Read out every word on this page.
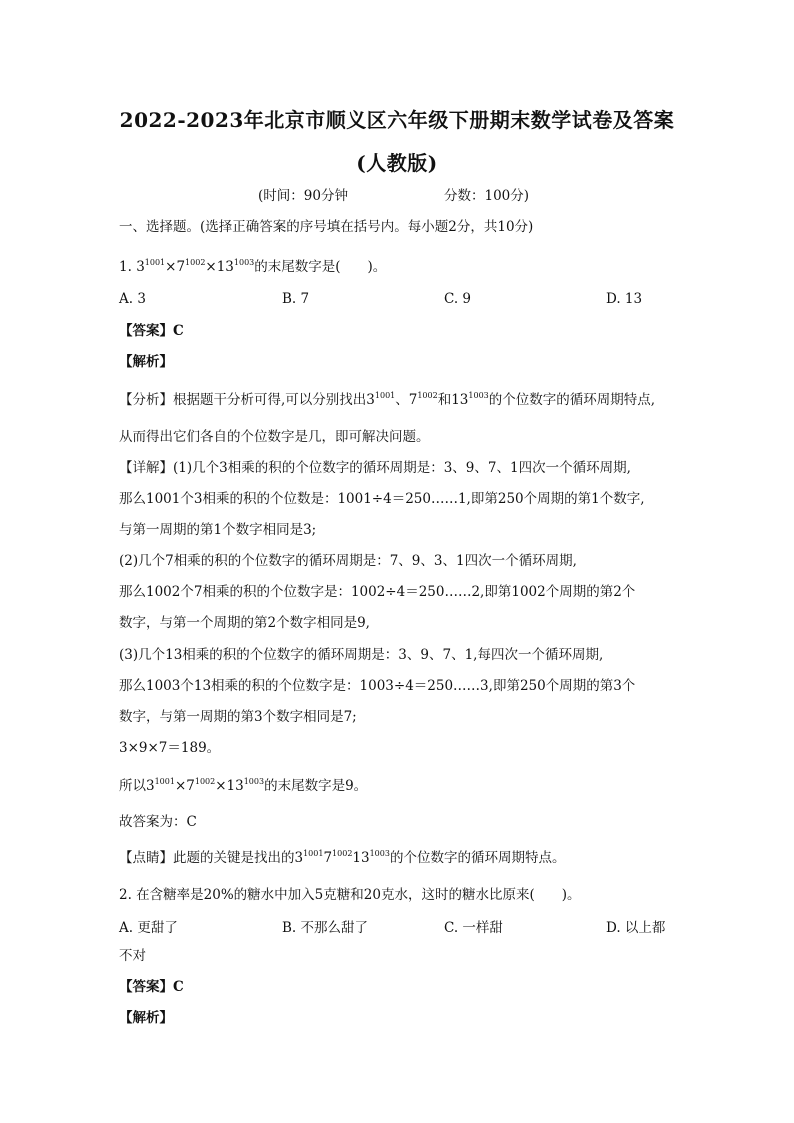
2022-2023年北京市顺义区六年级下册期末数学试卷及答案
(人教版)
(时间：90分钟	分数：100分)
一、选择题。(选择正确答案的序号填在括号内。每小题2分，共10分)
1. $3^{1001}\times 7^{1002}\times 13^{1003}$的末尾数字是(　　)。
A. 3	B. 7	C. 9	D. 13
【答案】C
【解析】
【分析】根据题干分析可得,可以分别找出$3^{1001}$、$7^{1002}$和$13^{1003}$的个位数字的循环周期特点,
从而得出它们各自的个位数字是几，即可解决问题。
【详解】(1)几个3相乘的积的个位数字的循环周期是：3、9、7、1四次一个循环周期,
那么1001个3相乘的积的个位数是：1001÷4＝250……1,即第250个周期的第1个数字,
与第一周期的第1个数字相同是3;
(2)几个7相乘的积的个位数字的循环周期是：7、9、3、1四次一个循环周期,
那么1002个7相乘的积的个位数字是：1002÷4＝250……2,即第1002个周期的第2个
数字，与第一个周期的第2个数字相同是9,
(3)几个13相乘的积的个位数字的循环周期是：3、9、7、1,每四次一个循环周期,
那么1003个13相乘的积的个位数字是：1003÷4＝250……3,即第250个周期的第3个
数字，与第一周期的第3个数字相同是7;
3×9×7＝189。
所以$3^{1001}\times 7^{1002}\times 13^{1003}$的末尾数字是9。
故答案为：C
【点睛】此题的关键是找出的$3^{1001}7^{1002}13^{1003}$的个位数字的循环周期特点。
2. 在含糖率是20%的糖水中加入5克糖和20克水，这时的糖水比原来(　　)。
A. 更甜了	B. 不那么甜了	C. 一样甜	D. 以上都
不对
【答案】C
【解析】
